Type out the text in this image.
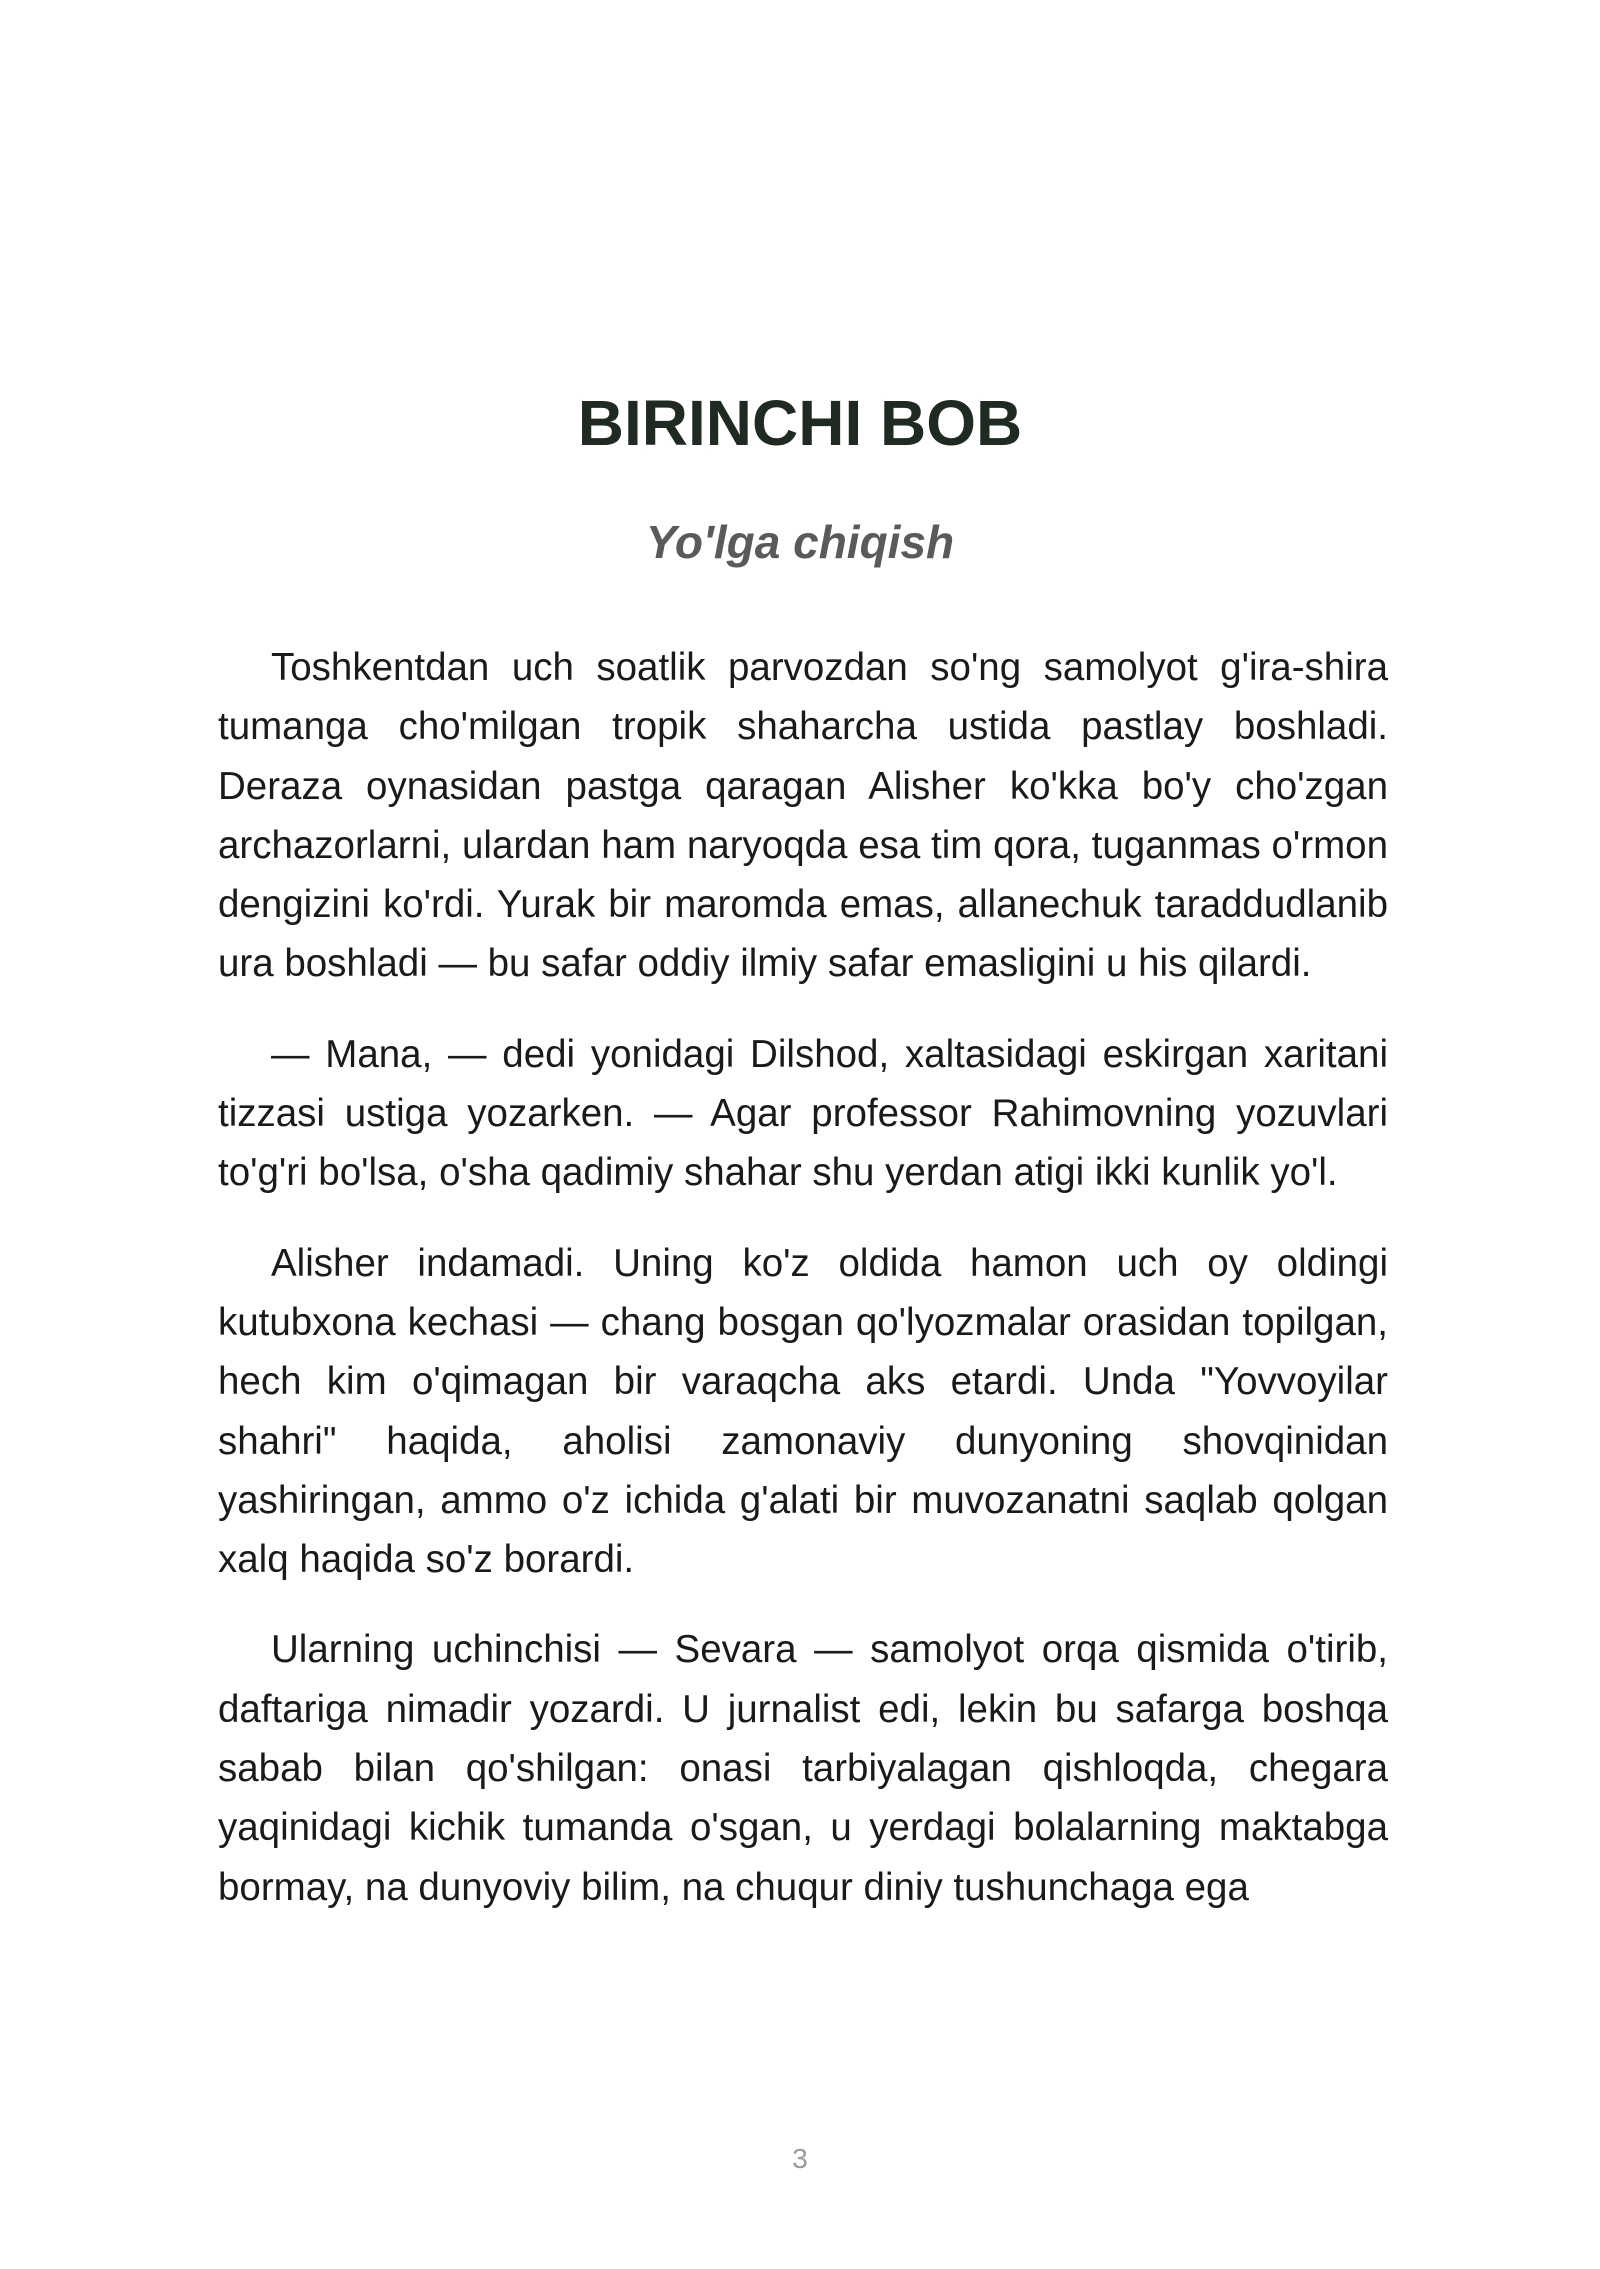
BIRINCHI BOB
Yo'lga chiqish

Toshkentdan uch soatlik parvozdan so'ng samolyot g'ira-shira tumanga cho'milgan tropik shaharcha ustida pastlay boshladi. Deraza oynasidan pastga qaragan Alisher ko'kka bo'y cho'zgan archazorlarni, ulardan ham naryoqda esa tim qora, tuganmas o'rmon dengizini ko'rdi. Yurak bir maromda emas, allanechuk taraddudlanib ura boshladi — bu safar oddiy ilmiy safar emasligini u his qilardi.

— Mana, — dedi yonidagi Dilshod, xaltasidagi eskirgan xaritani tizzasi ustiga yozarken. — Agar professor Rahimovning yozuvlari to'g'ri bo'lsa, o'sha qadimiy shahar shu yerdan atigi ikki kunlik yo'l.

Alisher indamadi. Uning ko'z oldida hamon uch oy oldingi kutubxona kechasi — chang bosgan qo'lyozmalar orasidan topilgan, hech kim o'qimagan bir varaqcha aks etardi. Unda "Yovvoyilar shahri" haqida, aholisi zamonaviy dunyoning shovqinidan yashiringan, ammo o'z ichida g'alati bir muvozanatni saqlab qolgan xalq haqida so'z borardi.

Ularning uchinchisi — Sevara — samolyot orqa qismida o'tirib, daftariga nimadir yozardi. U jurnalist edi, lekin bu safarga boshqa sabab bilan qo'shilgan: onasi tarbiyalagan qishloqda, chegara yaqinidagi kichik tumanda o'sgan, u yerdagi bolalarning maktabga bormay, na dunyoviy bilim, na chuqur diniy tushunchaga ega

3
